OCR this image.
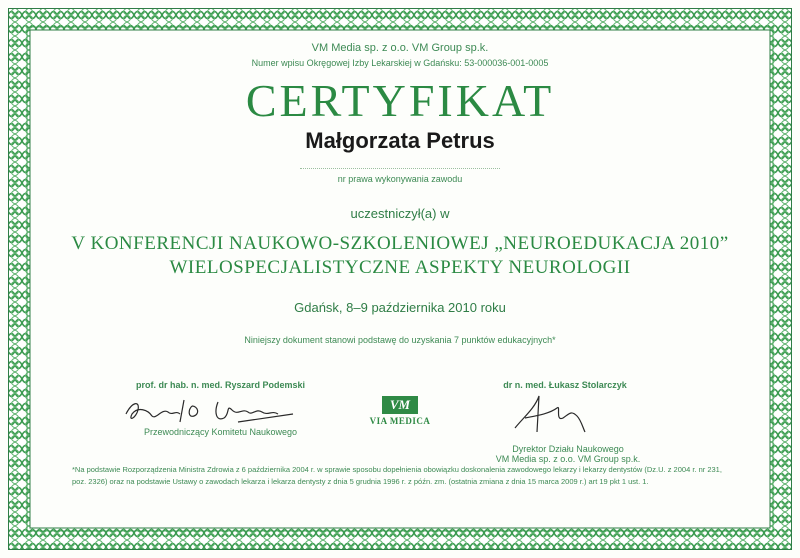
VM Media sp. z o.o. VM Group sp.k.
Numer wpisu Okręgowej Izby Lekarskiej w Gdańsku: 53-000036-001-0005
CERTYFIKAT
Małgorzata Petrus
nr prawa wykonywania zawodu
uczestniczył(a) w
V KONFERENCJI NAUKOWO-SZKOLENIOWEJ „NEUROEDUKACJA 2010”
WIELOSPECJALISTYCZNE ASPEKTY NEUROLOGII
Gdańsk, 8–9 października 2010 roku
Niniejszy dokument stanowi podstawę do uzyskania 7 punktów edukacyjnych*
prof. dr hab. n. med. Ryszard Podemski
Przewodniczący Komitetu Naukowego
VM
VIA MEDICA
dr n. med. Łukasz Stolarczyk
Dyrektor Działu Naukowego
VM Media sp. z o.o. VM Group sp.k.
*Na podstawie Rozporządzenia Ministra Zdrowia z 6 października 2004 r. w sprawie sposobu dopełnienia obowiązku doskonalenia zawodowego lekarzy i lekarzy dentystów (Dz.U. z 2004 r. nr 231, poz. 2326) oraz na podstawie Ustawy o zawodach lekarza i lekarza dentysty z dnia 5 grudnia 1996 r. z późn. zm. (ostatnia zmiana z dnia 15 marca 2009 r.) art 19 pkt 1 ust. 1.
